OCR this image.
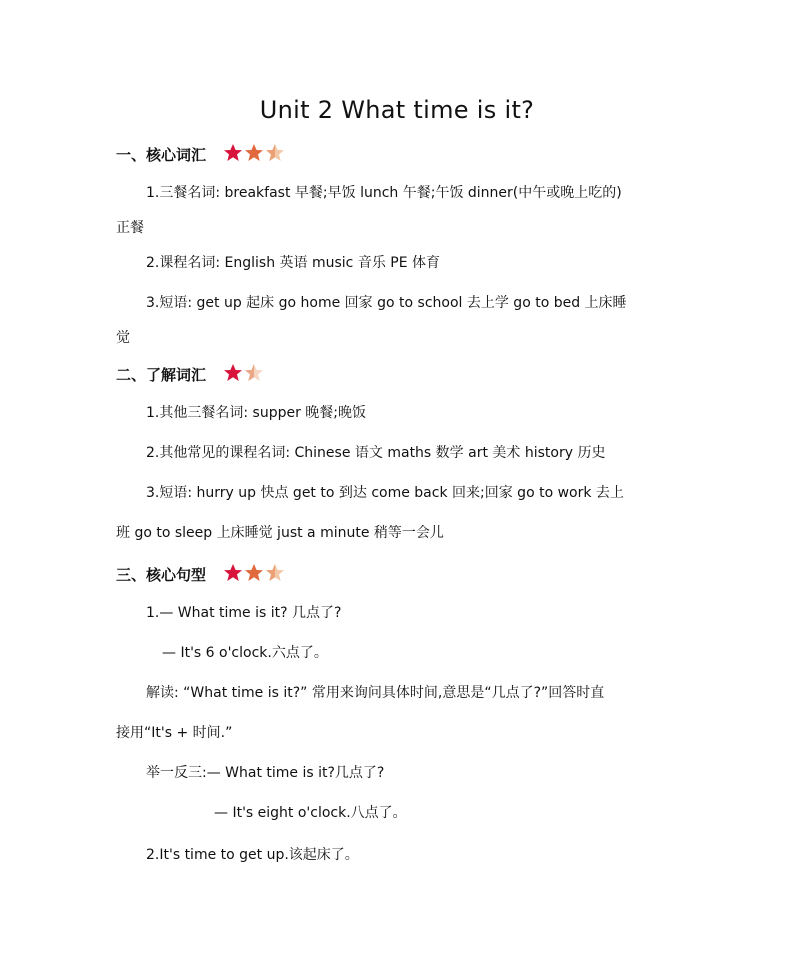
Unit 2 What time is it?
一、核心词汇
1.三餐名词: breakfast 早餐;早饭 lunch 午餐;午饭 dinner(中午或晚上吃的)
正餐
2.课程名词: English 英语 music 音乐 PE 体育
3.短语: get up 起床 go home 回家 go to school 去上学 go to bed 上床睡
觉
二、了解词汇
1.其他三餐名词: supper 晚餐;晚饭
2.其他常见的课程名词: Chinese 语文 maths 数学 art 美术 history 历史
3.短语: hurry up 快点 get to 到达 come back 回来;回家 go to work 去上
班 go to sleep 上床睡觉 just a minute 稍等一会儿
三、核心句型
1.— What time is it? 几点了?
— It's 6 o'clock.六点了。
解读: “What time is it?” 常用来询问具体时间,意思是“几点了?”回答时直
接用“It's + 时间.”
举一反三:— What time is it?几点了?
— It's eight o'clock.八点了。
2.It's time to get up.该起床了。
